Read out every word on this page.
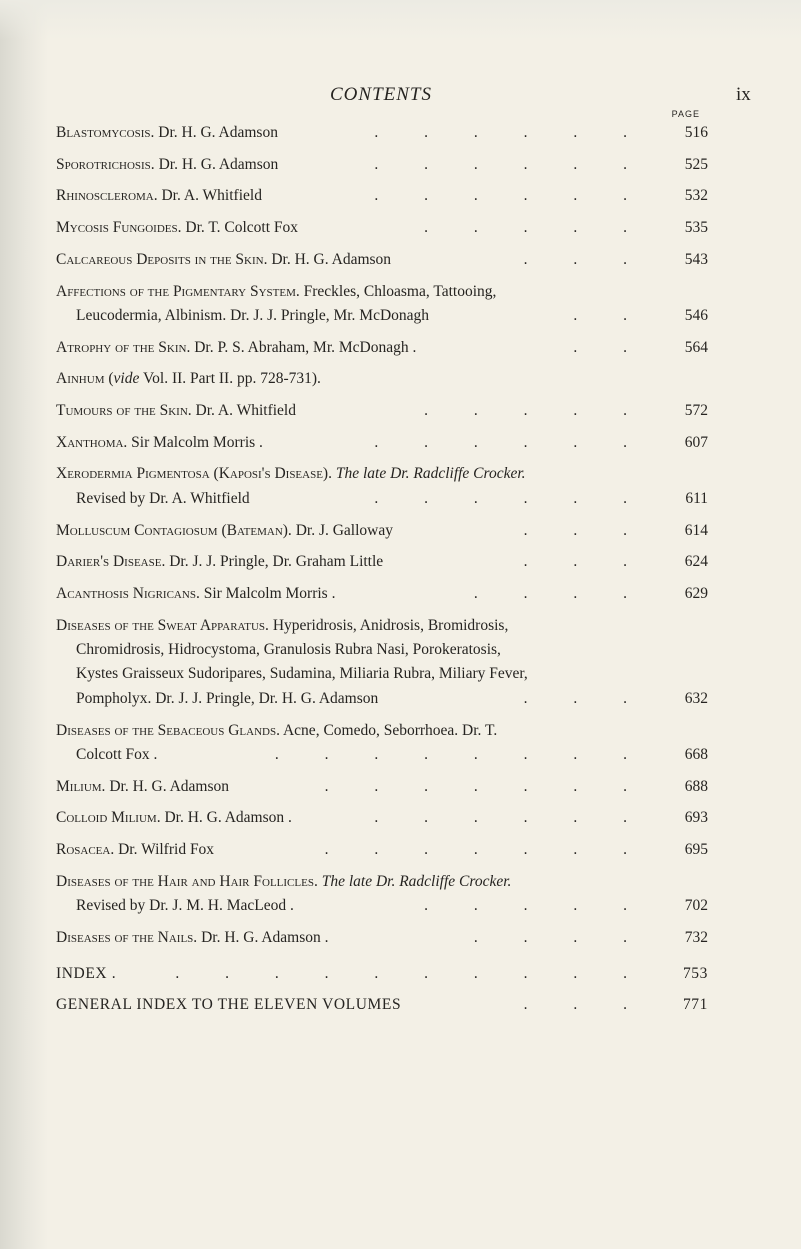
CONTENTS	ix
PAGE
Blastomycosis. Dr. H. G. Adamson	. . . . . .	516
Sporotrichosis. Dr. H. G. Adamson	. . . . . .	525
Rhinoscleroma. Dr. A. Whitfield	. . . . . .	532
Mycosis Fungoides. Dr. T. Colcott Fox	. . . . .	535
Calcareous Deposits in the Skin. Dr. H. G. Adamson	. . .	543
Affections of the Pigmentary System. Freckles, Chloasma, Tattooing,
Leucodermia, Albinism. Dr. J. J. Pringle, Mr. McDonagh	. .	546
Atrophy of the Skin. Dr. P. S. Abraham, Mr. McDonagh .	. .	564
Ainhum (vide Vol. II. Part II. pp. 728-731).
Tumours of the Skin. Dr. A. Whitfield	. . . . .	572
Xanthoma. Sir Malcolm Morris .	. . . . . .	607
Xerodermia Pigmentosa (Kaposi's Disease). The late Dr. Radcliffe Crocker.
Revised by Dr. A. Whitfield	. . . . . .	611
Molluscum Contagiosum (Bateman). Dr. J. Galloway	. . .	614
Darier's Disease. Dr. J. J. Pringle, Dr. Graham Little	. . .	624
Acanthosis Nigricans. Sir Malcolm Morris .	. . . .	629
Diseases of the Sweat Apparatus. Hyperidrosis, Anidrosis, Bromidrosis,
Chromidrosis, Hidrocystoma, Granulosis Rubra Nasi, Porokeratosis,
Kystes Graisseux Sudoripares, Sudamina, Miliaria Rubra, Miliary Fever,
Pompholyx. Dr. J. J. Pringle, Dr. H. G. Adamson	. . .	632
Diseases of the Sebaceous Glands. Acne, Comedo, Seborrhoea. Dr. T.
Colcott Fox .	. . . . . . . .	668
Milium. Dr. H. G. Adamson	. . . . . . .	688
Colloid Milium. Dr. H. G. Adamson .	. . . . . .	693
Rosacea. Dr. Wilfrid Fox	. . . . . . .	695
Diseases of the Hair and Hair Follicles. The late Dr. Radcliffe Crocker.
Revised by Dr. J. M. H. MacLeod .	. . . . .	702
Diseases of the Nails. Dr. H. G. Adamson .	. . . .	732
INDEX .	. . . . . . . . . .	753
GENERAL INDEX TO THE ELEVEN VOLUMES	. . .	771
